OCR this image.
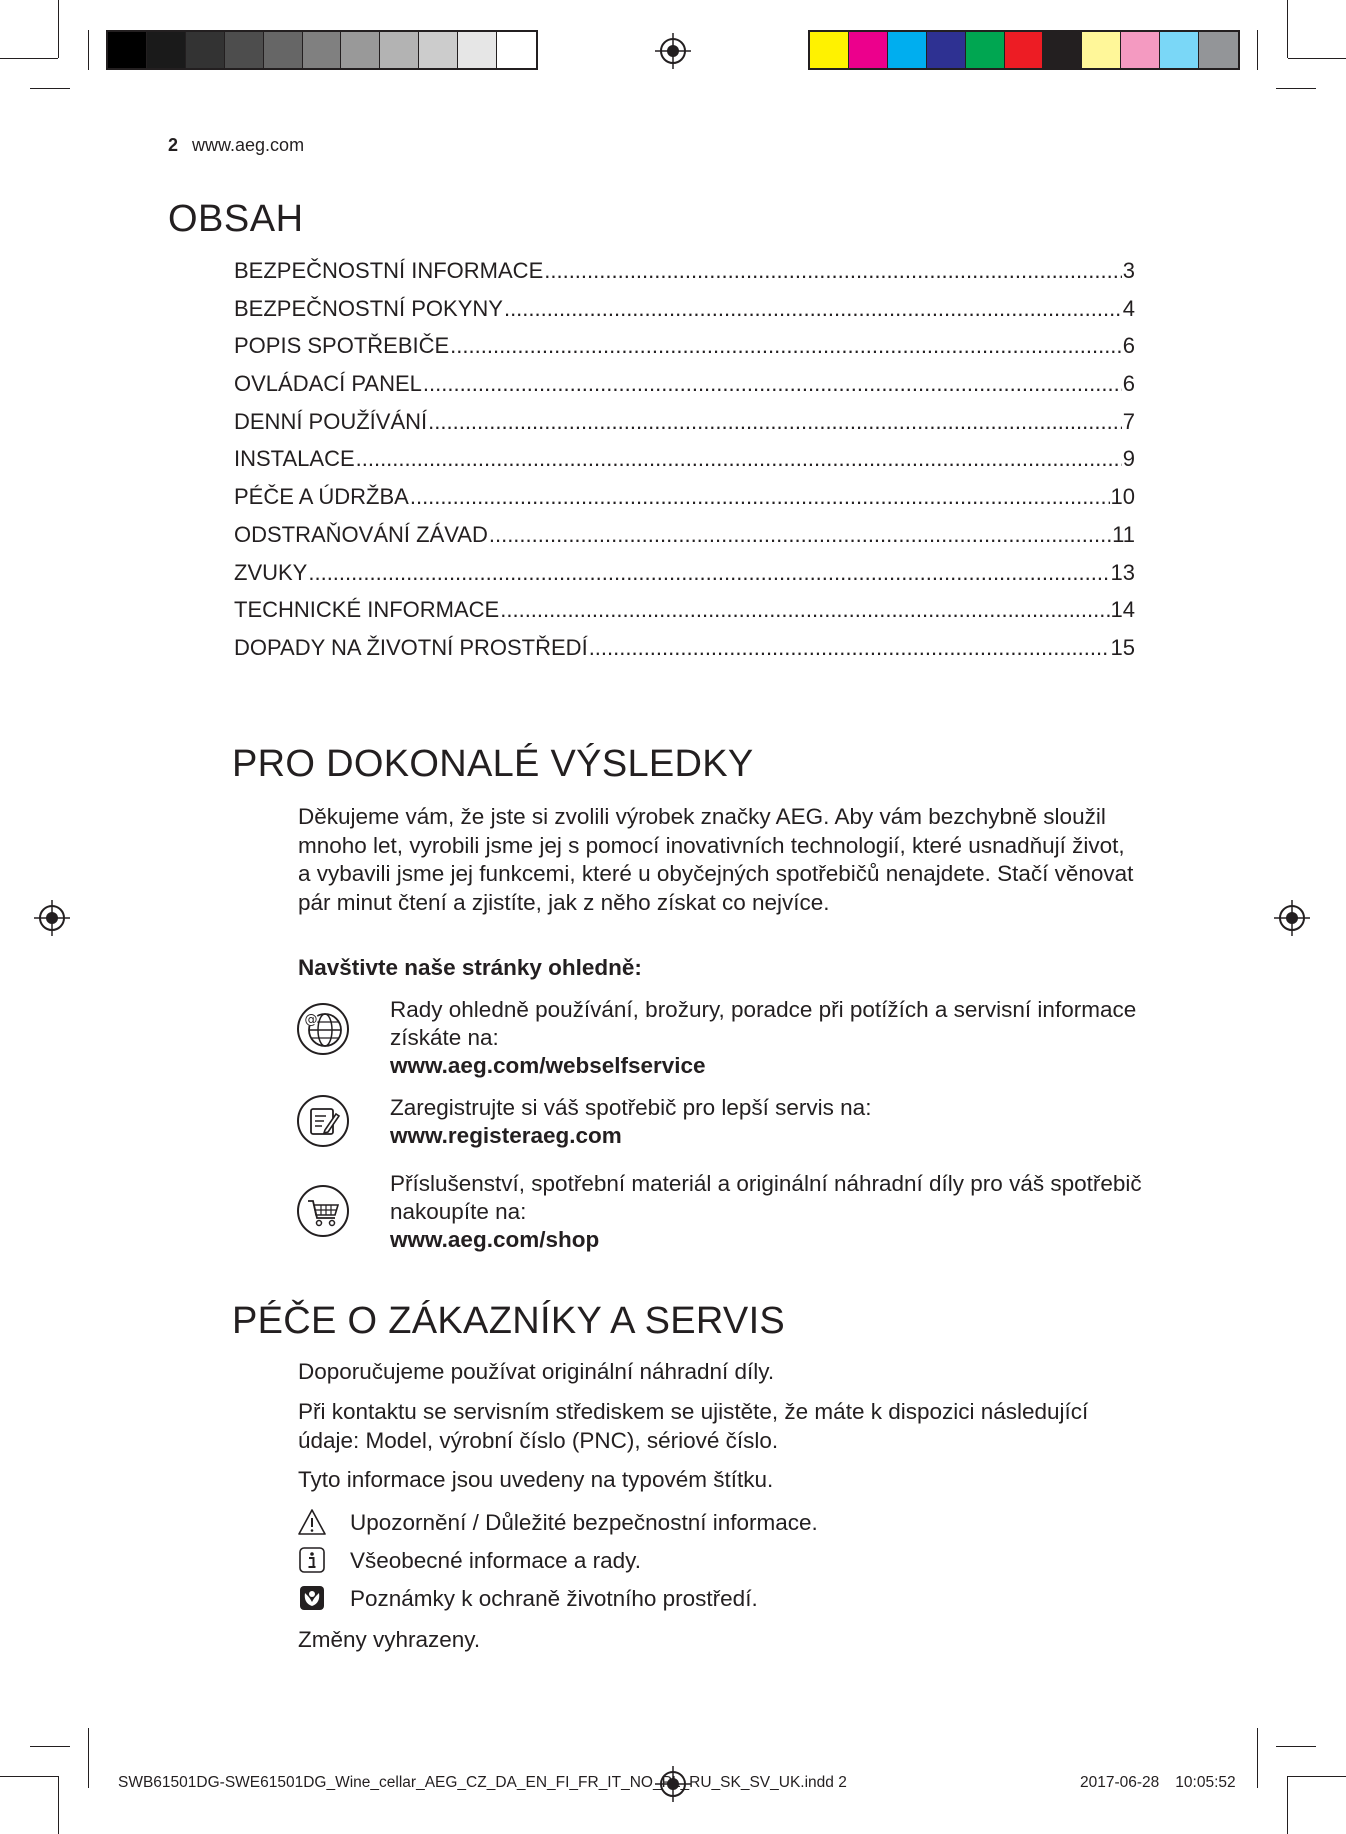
2 www.aeg.com
OBSAH
BEZPEČNOSTNÍ INFORMACE .....	3
BEZPEČNOSTNÍ POKYNY .....	4
POPIS SPOTŘEBIČE .....	6
OVLÁDACÍ PANEL .....	6
DENNÍ POUŽÍVÁNÍ .....	7
INSTALACE .....	9
PÉČE A ÚDRŽBA .....	10
ODSTRAŇOVÁNÍ ZÁVAD .....	11
ZVUKY .....	13
TECHNICKÉ INFORMACE .....	14
DOPADY NA ŽIVOTNÍ PROSTŘEDÍ .....	15
PRO DOKONALÉ VÝSLEDKY
Děkujeme vám, že jste si zvolili výrobek značky AEG. Aby vám bezchybně sloužil
mnoho let, vyrobili jsme jej s pomocí inovativních technologií, které usnadňují život,
a vybavili jsme jej funkcemi, které u obyčejných spotřebičů nenajdete. Stačí věnovat
pár minut čtení a zjistíte, jak z něho získat co nejvíce.
Navštivte naše stránky ohledně:
@	Rady ohledně používání, brožury, poradce při potížích a servisní informace
získáte na:
www.aeg.com/webselfservice
Zaregistrujte si váš spotřebič pro lepší servis na:
www.registeraeg.com
Příslušenství, spotřební materiál a originální náhradní díly pro váš spotřebič
nakoupíte na:
www.aeg.com/shop
PÉČE O ZÁKAZNÍKY A SERVIS
Doporučujeme používat originální náhradní díly.
Při kontaktu se servisním střediskem se ujistěte, že máte k dispozici následující
údaje: Model, výrobní číslo (PNC), sériové číslo.
Tyto informace jsou uvedeny na typovém štítku.
Upozornění / Důležité bezpečnostní informace.
Všeobecné informace a rady.
Poznámky k ochraně životního prostředí.
Změny vyhrazeny.
SWB61501DG-SWE61501DG_Wine_cellar_AEG_CZ_DA_EN_FI_FR_IT_NO_PL_RU_SK_SV_UK.indd 2	2017-06-28 10:05:52
